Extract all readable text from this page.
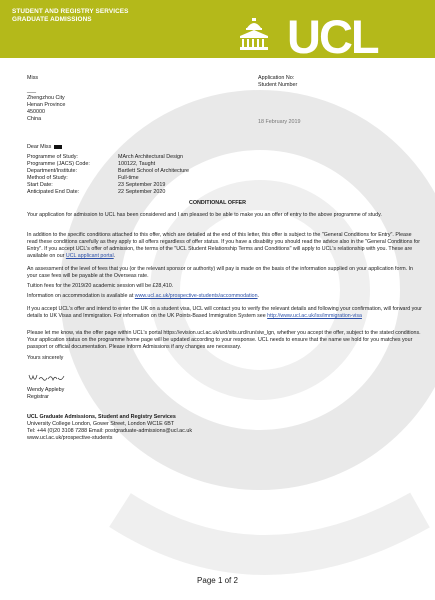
STUDENT AND REGISTRY SERVICES
GRADUATE ADMISSIONS	UCL
Miss
___
Zhengzhou City
Henan Province
450000
China
Application No:
Student Number
18 February 2019
Dear Miss
Programme of Study:	MArch Architectural Design
Programme (JACS) Code:	100122, Taught
Department/Institute:	Bartlett School of Architecture
Method of Study:	Full-time
Start Date:	23 September 2019
Anticipated End Date:	22 September 2020
CONDITIONAL OFFER
Your application for admission to UCL has been considered and I am pleased to be able to make you an offer of entry to the above programme of study.
In addition to the specific conditions attached to this offer, which are detailed at the end of this letter, this offer is subject to the "General Conditions for Entry". Please read these conditions carefully as they apply to all offers regardless of offer status. If you have a disability you should read the advice also in the "General Conditions for Entry". If you accept UCL's offer of admission, the terms of the "UCL Student Relationship Terms and Conditions" will apply to UCL's relationship with you. These are available on our UCL applicant portal.
An assessment of the level of fees that you (or the relevant sponsor or authority) will pay is made on the basis of the information supplied on your application form. In your case fees will be payable at the Overseas rate.
Tuition fees for the 2019/20 academic session will be £28,410.
Information on accommodation is available at www.ucl.ac.uk/prospective-students/accommodation.
If you accept UCL's offer and intend to enter the UK on a student visa, UCL will contact you to verify the relevant details and following your confirmation, will forward your details to UK Visas and Immigration. For information on the UK Points-Based Immigration System see http://www.ucl.ac.uk/iss/immigration-visa
Please let me know, via the offer page within UCL's portal https://evision.ucl.ac.uk/urd/sits.urd/run/siw_lgn, whether you accept the offer, subject to the stated conditions. Your application status on the programme home page will be updated according to your response. UCL needs to ensure that the name we hold for you matches your passport or official documentation. Please inform Admissions if any changes are necessary.
Yours sincerely
Wendy Appleby
Registrar
UCL Graduate Admissions, Student and Registry Services
University College London, Gower Street, London WC1E 6BT
Tel: +44 (0)20 3108 7288 Email: postgraduate-admissions@ucl.ac.uk
www.ucl.ac.uk/prospective-students
Page 1 of 2
